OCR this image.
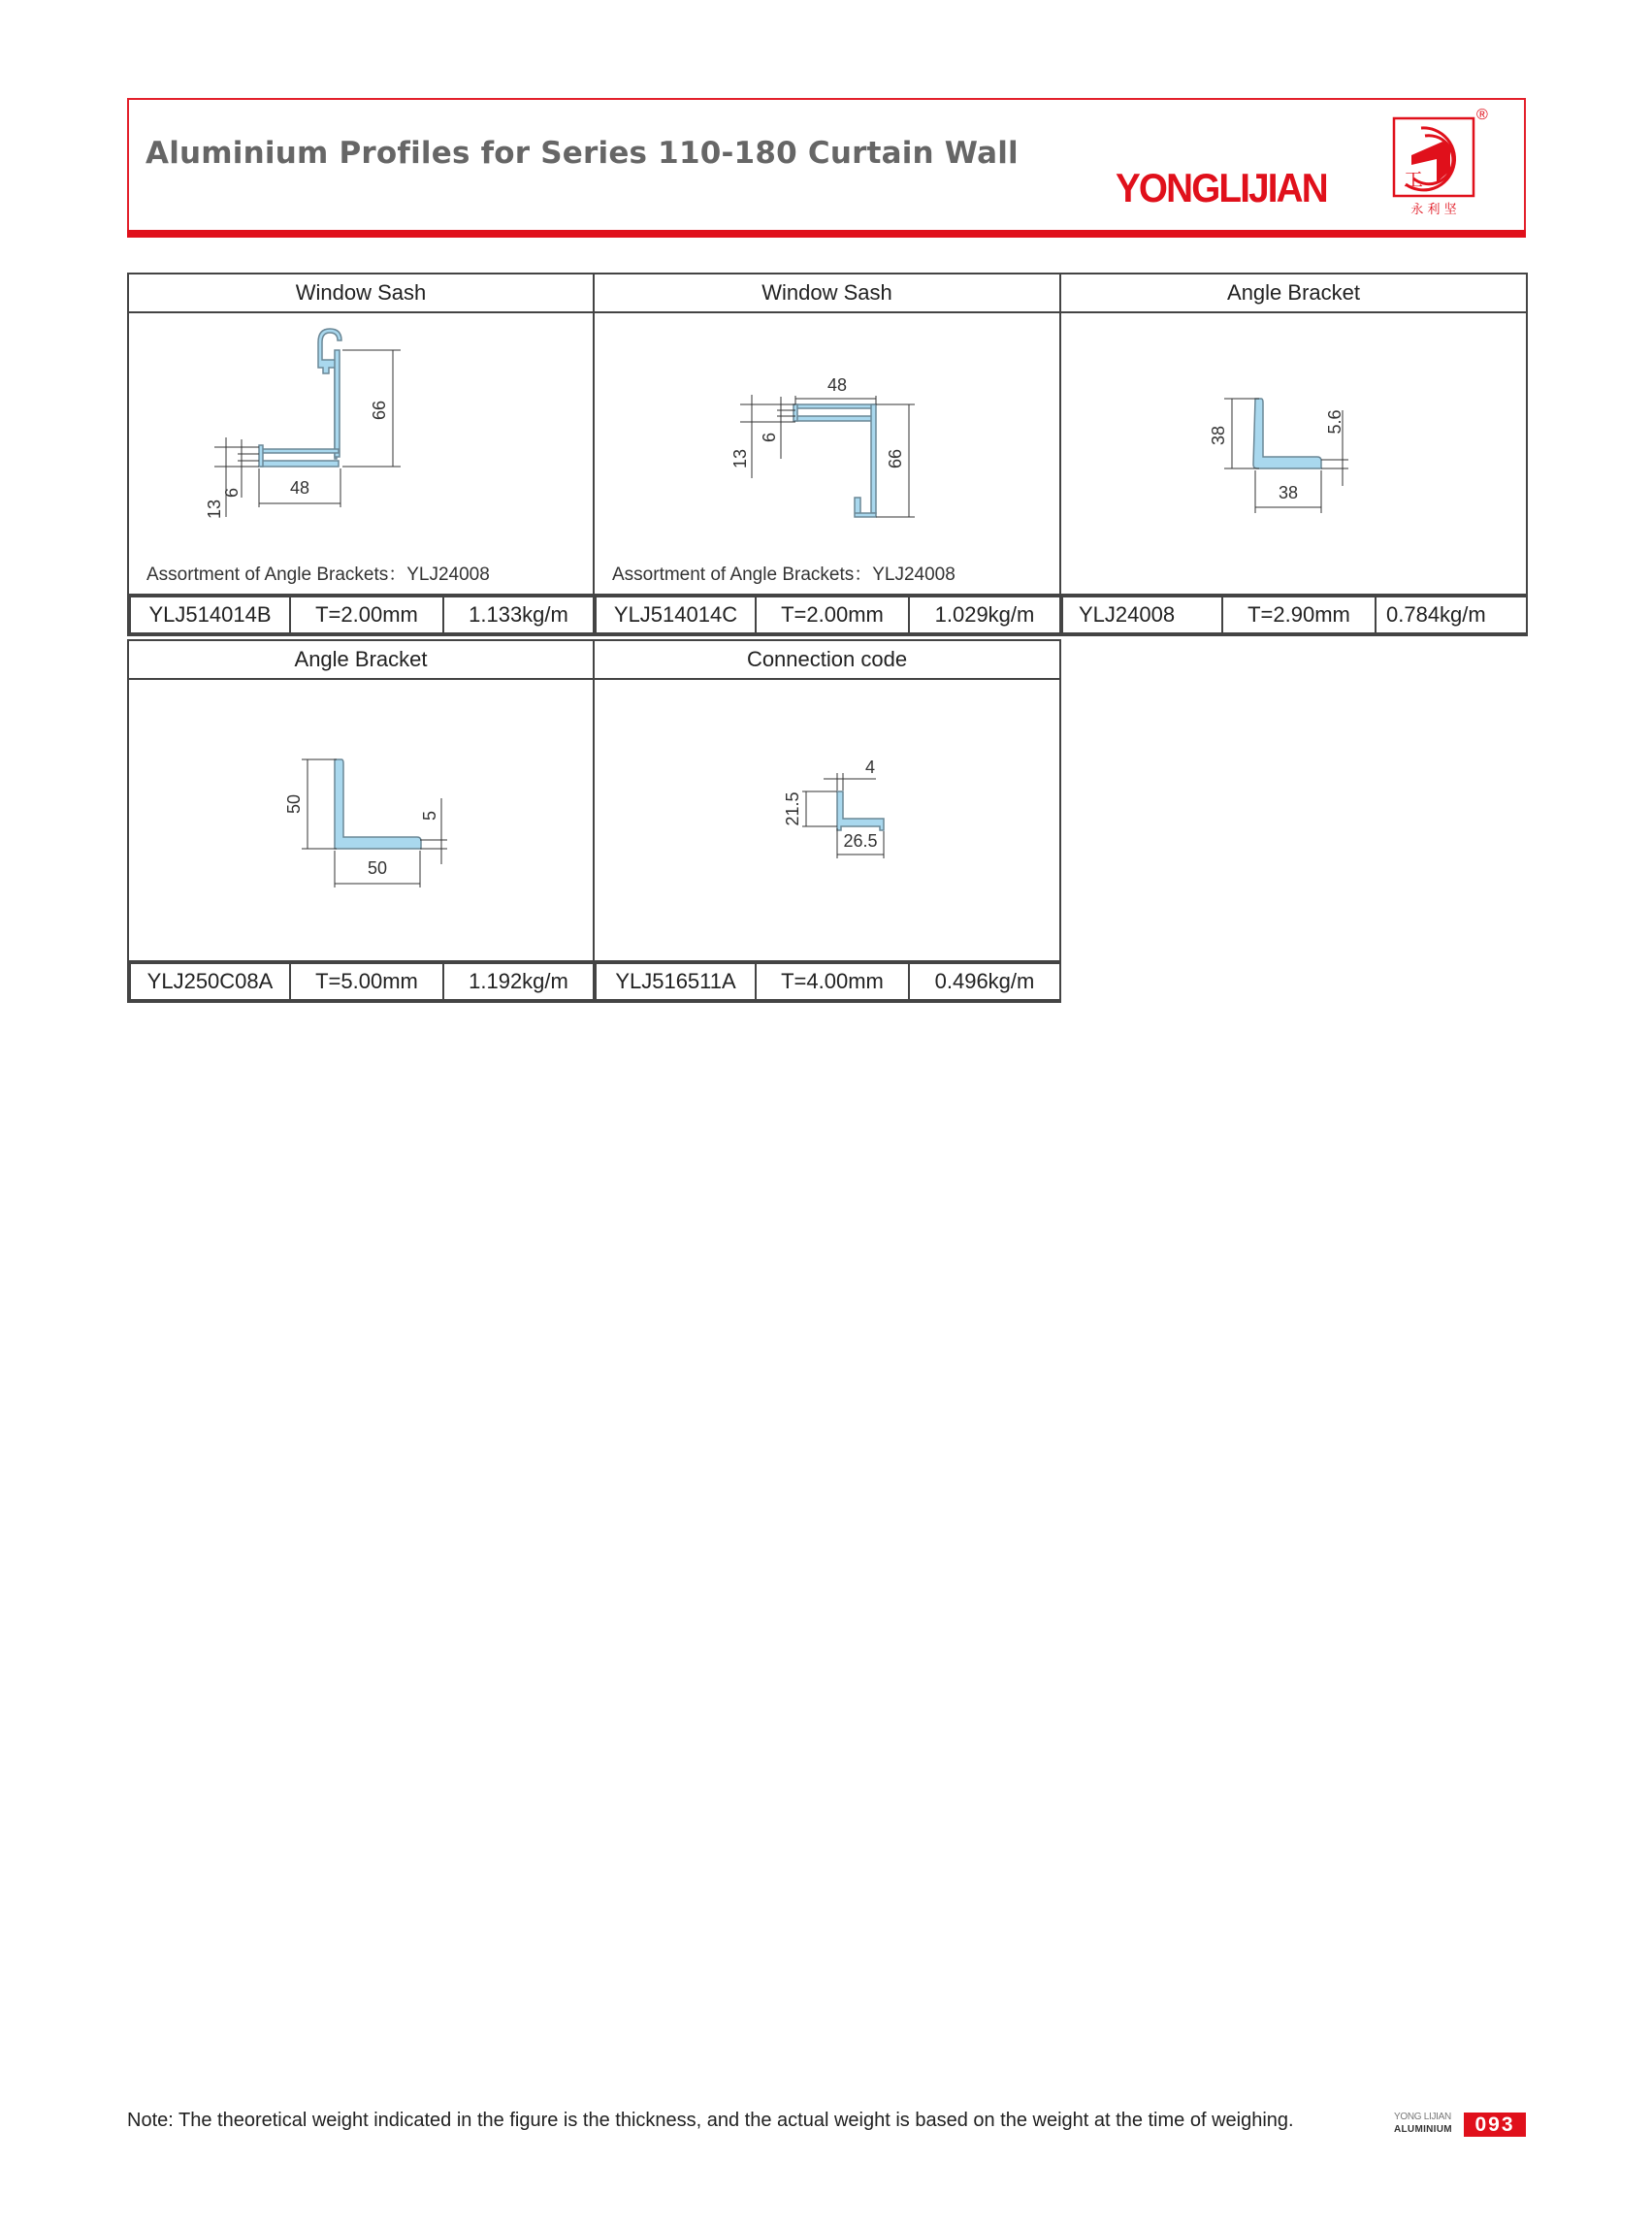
Aluminium Profiles for Series 110-180 Curtain Wall
YONGLIJIAN	工
永 利 坚
®
Window Sash	Window Sash	Angle Bracket

66
48
13
6
Assortment of Angle Brackets：YLJ24008

48
66
13
6
Assortment of Angle Brackets：YLJ24008

38
38
5.6

YLJ514014B	T=2.00mm	1.133kg/m
	YLJ514014C	T=2.00mm	1.029kg/m
	YLJ24008	T=2.90mm	0.784kg/m
Angle Bracket	Connection code

50
50
5

4
21.5
26.5

YLJ250C08A	T=5.00mm	1.192kg/m
	YLJ516511A	T=4.00mm	0.496kg/m
Note: The theoretical weight indicated in the figure is the thickness, and the actual weight is based on the weight at the time of weighing.	YONG LIJIAN
ALUMINIUM	093
